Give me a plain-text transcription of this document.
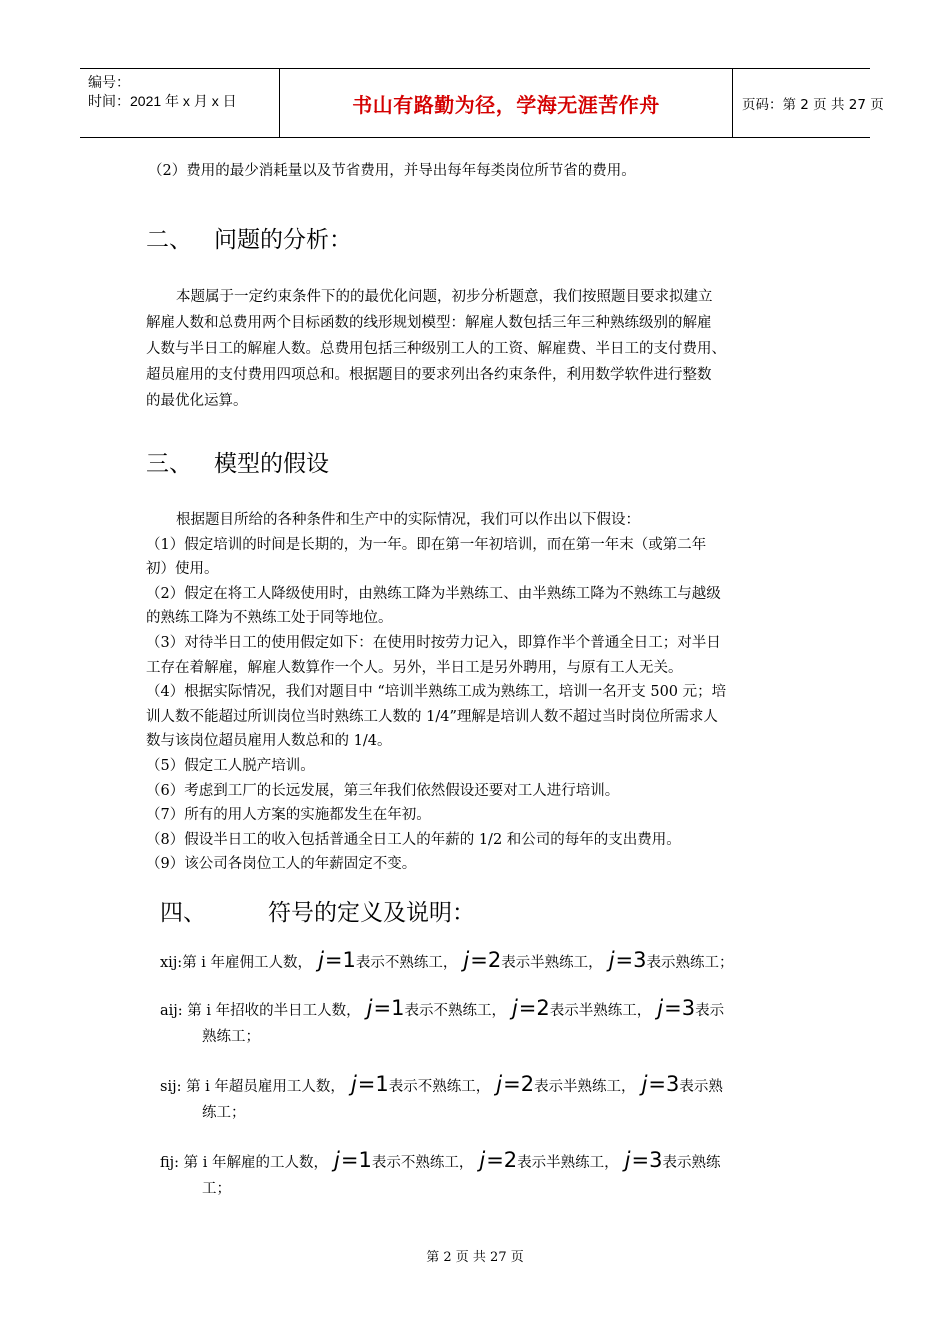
编号：
时间：2021 年 x 月 x 日	书山有路勤为径，学海无涯苦作舟	页码：第 2 页 共 27 页
（2）费用的最少消耗量以及节省费用，并导出每年每类岗位所节省的费用。
二、 问题的分析：
本题属于一定约束条件下的的最优化问题，初步分析题意，我们按照题目要求拟建立
解雇人数和总费用两个目标函数的线形规划模型：解雇人数包括三年三种熟练级别的解雇
人数与半日工的解雇人数。总费用包括三种级别工人的工资、解雇费、半日工的支付费用、
超员雇用的支付费用四项总和。根据题目的要求列出各约束条件，利用数学软件进行整数
的最优化运算。
三、 模型的假设
根据题目所给的各种条件和生产中的实际情况，我们可以作出以下假设：
（1）假定培训的时间是长期的，为一年。即在第一年初培训，而在第一年末（或第二年
初）使用。
（2）假定在将工人降级使用时，由熟练工降为半熟练工、由半熟练工降为不熟练工与越级
的熟练工降为不熟练工处于同等地位。
（3）对待半日工的使用假定如下：在使用时按劳力记入，即算作半个普通全日工；对半日
工存在着解雇，解雇人数算作一个人。另外，半日工是另外聘用，与原有工人无关。
（4）根据实际情况，我们对题目中 “培训半熟练工成为熟练工，培训一名开支 500 元；培
训人数不能超过所训岗位当时熟练工人数的 1/4”理解是培训人数不超过当时岗位所需求人
数与该岗位超员雇用人数总和的 1/4。
（5）假定工人脱产培训。
（6）考虑到工厂的长远发展，第三年我们依然假设还要对工人进行培训。
（7）所有的用人方案的实施都发生在年初。
（8）假设半日工的收入包括普通全日工人的年薪的 1/2 和公司的每年的支出费用。
（9）该公司各岗位工人的年薪固定不变。
四、	符号的定义及说明：
xij:第 i 年雇佣工人数， j =1 表示不熟练工， j =2 表示半熟练工， j =3 表示熟练工；
aij: 第 i 年招收的半日工人数， j =1 表示不熟练工， j =2 表示半熟练工， j =3 表示
熟练工；
sij: 第 i 年超员雇用工人数， j =1 表示不熟练工， j =2 表示半熟练工， j =3 表示熟
练工；
fij: 第 i 年解雇的工人数， j =1 表示不熟练工， j =2 表示半熟练工， j =3 表示熟练
工；
第 2 页 共 27 页
